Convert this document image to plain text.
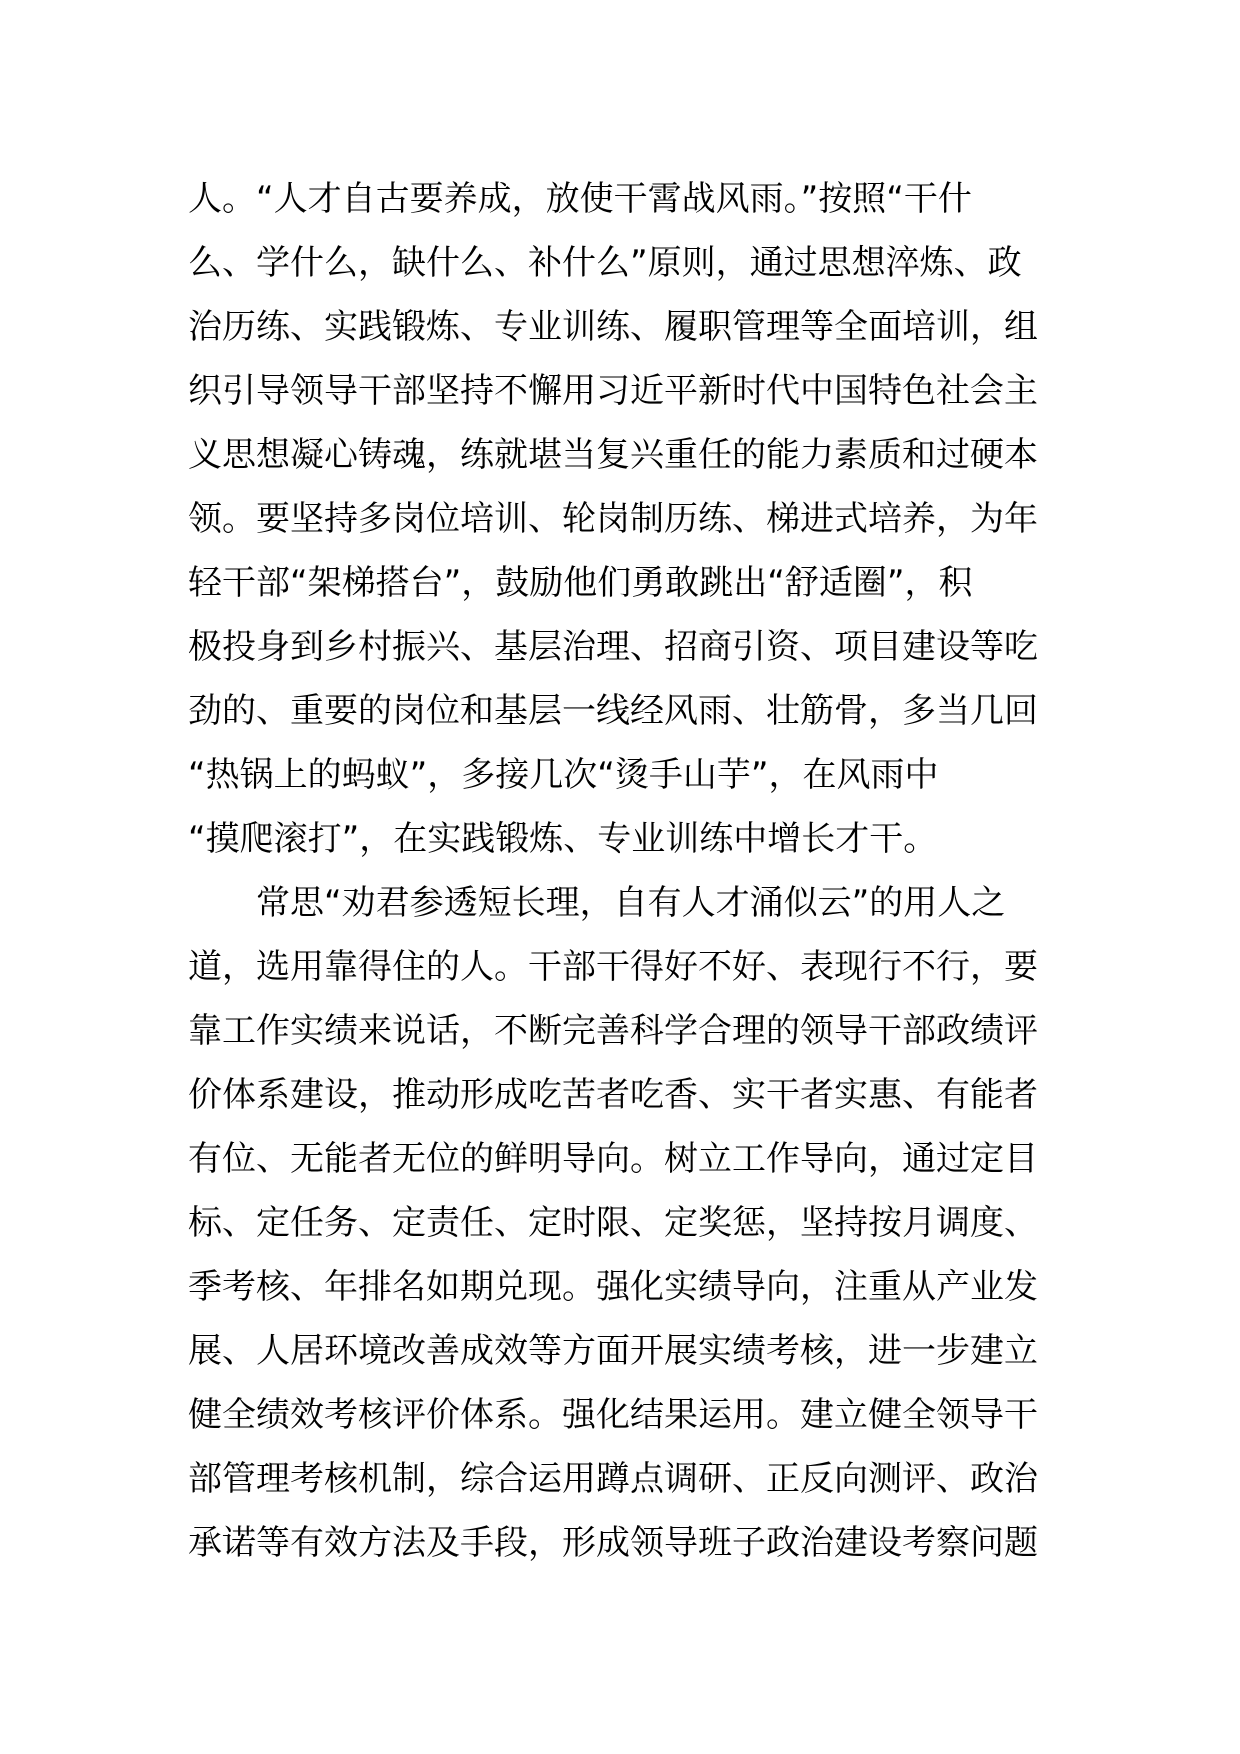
人。“人才自古要养成，放使干霄战风雨。”按照“干什
么、学什么，缺什么、补什么”原则，通过思想淬炼、政
治历练、实践锻炼、专业训练、履职管理等全面培训，组
织引导领导干部坚持不懈用习近平新时代中国特色社会主
义思想凝心铸魂，练就堪当复兴重任的能力素质和过硬本
领。要坚持多岗位培训、轮岗制历练、梯进式培养，为年
轻干部“架梯搭台”，鼓励他们勇敢跳出“舒适圈”，积
极投身到乡村振兴、基层治理、招商引资、项目建设等吃
劲的、重要的岗位和基层一线经风雨、壮筋骨，多当几回
“热锅上的蚂蚁”，多接几次“烫手山芋”，在风雨中
“摸爬滚打”，在实践锻炼、专业训练中增长才干。
常思“劝君参透短长理，自有人才涌似云”的用人之
道，选用靠得住的人。干部干得好不好、表现行不行，要
靠工作实绩来说话，不断完善科学合理的领导干部政绩评
价体系建设，推动形成吃苦者吃香、实干者实惠、有能者
有位、无能者无位的鲜明导向。树立工作导向，通过定目
标、定任务、定责任、定时限、定奖惩，坚持按月调度、
季考核、年排名如期兑现。强化实绩导向，注重从产业发
展、人居环境改善成效等方面开展实绩考核，进一步建立
健全绩效考核评价体系。强化结果运用。建立健全领导干
部管理考核机制，综合运用蹲点调研、正反向测评、政治
承诺等有效方法及手段，形成领导班子政治建设考察问题
